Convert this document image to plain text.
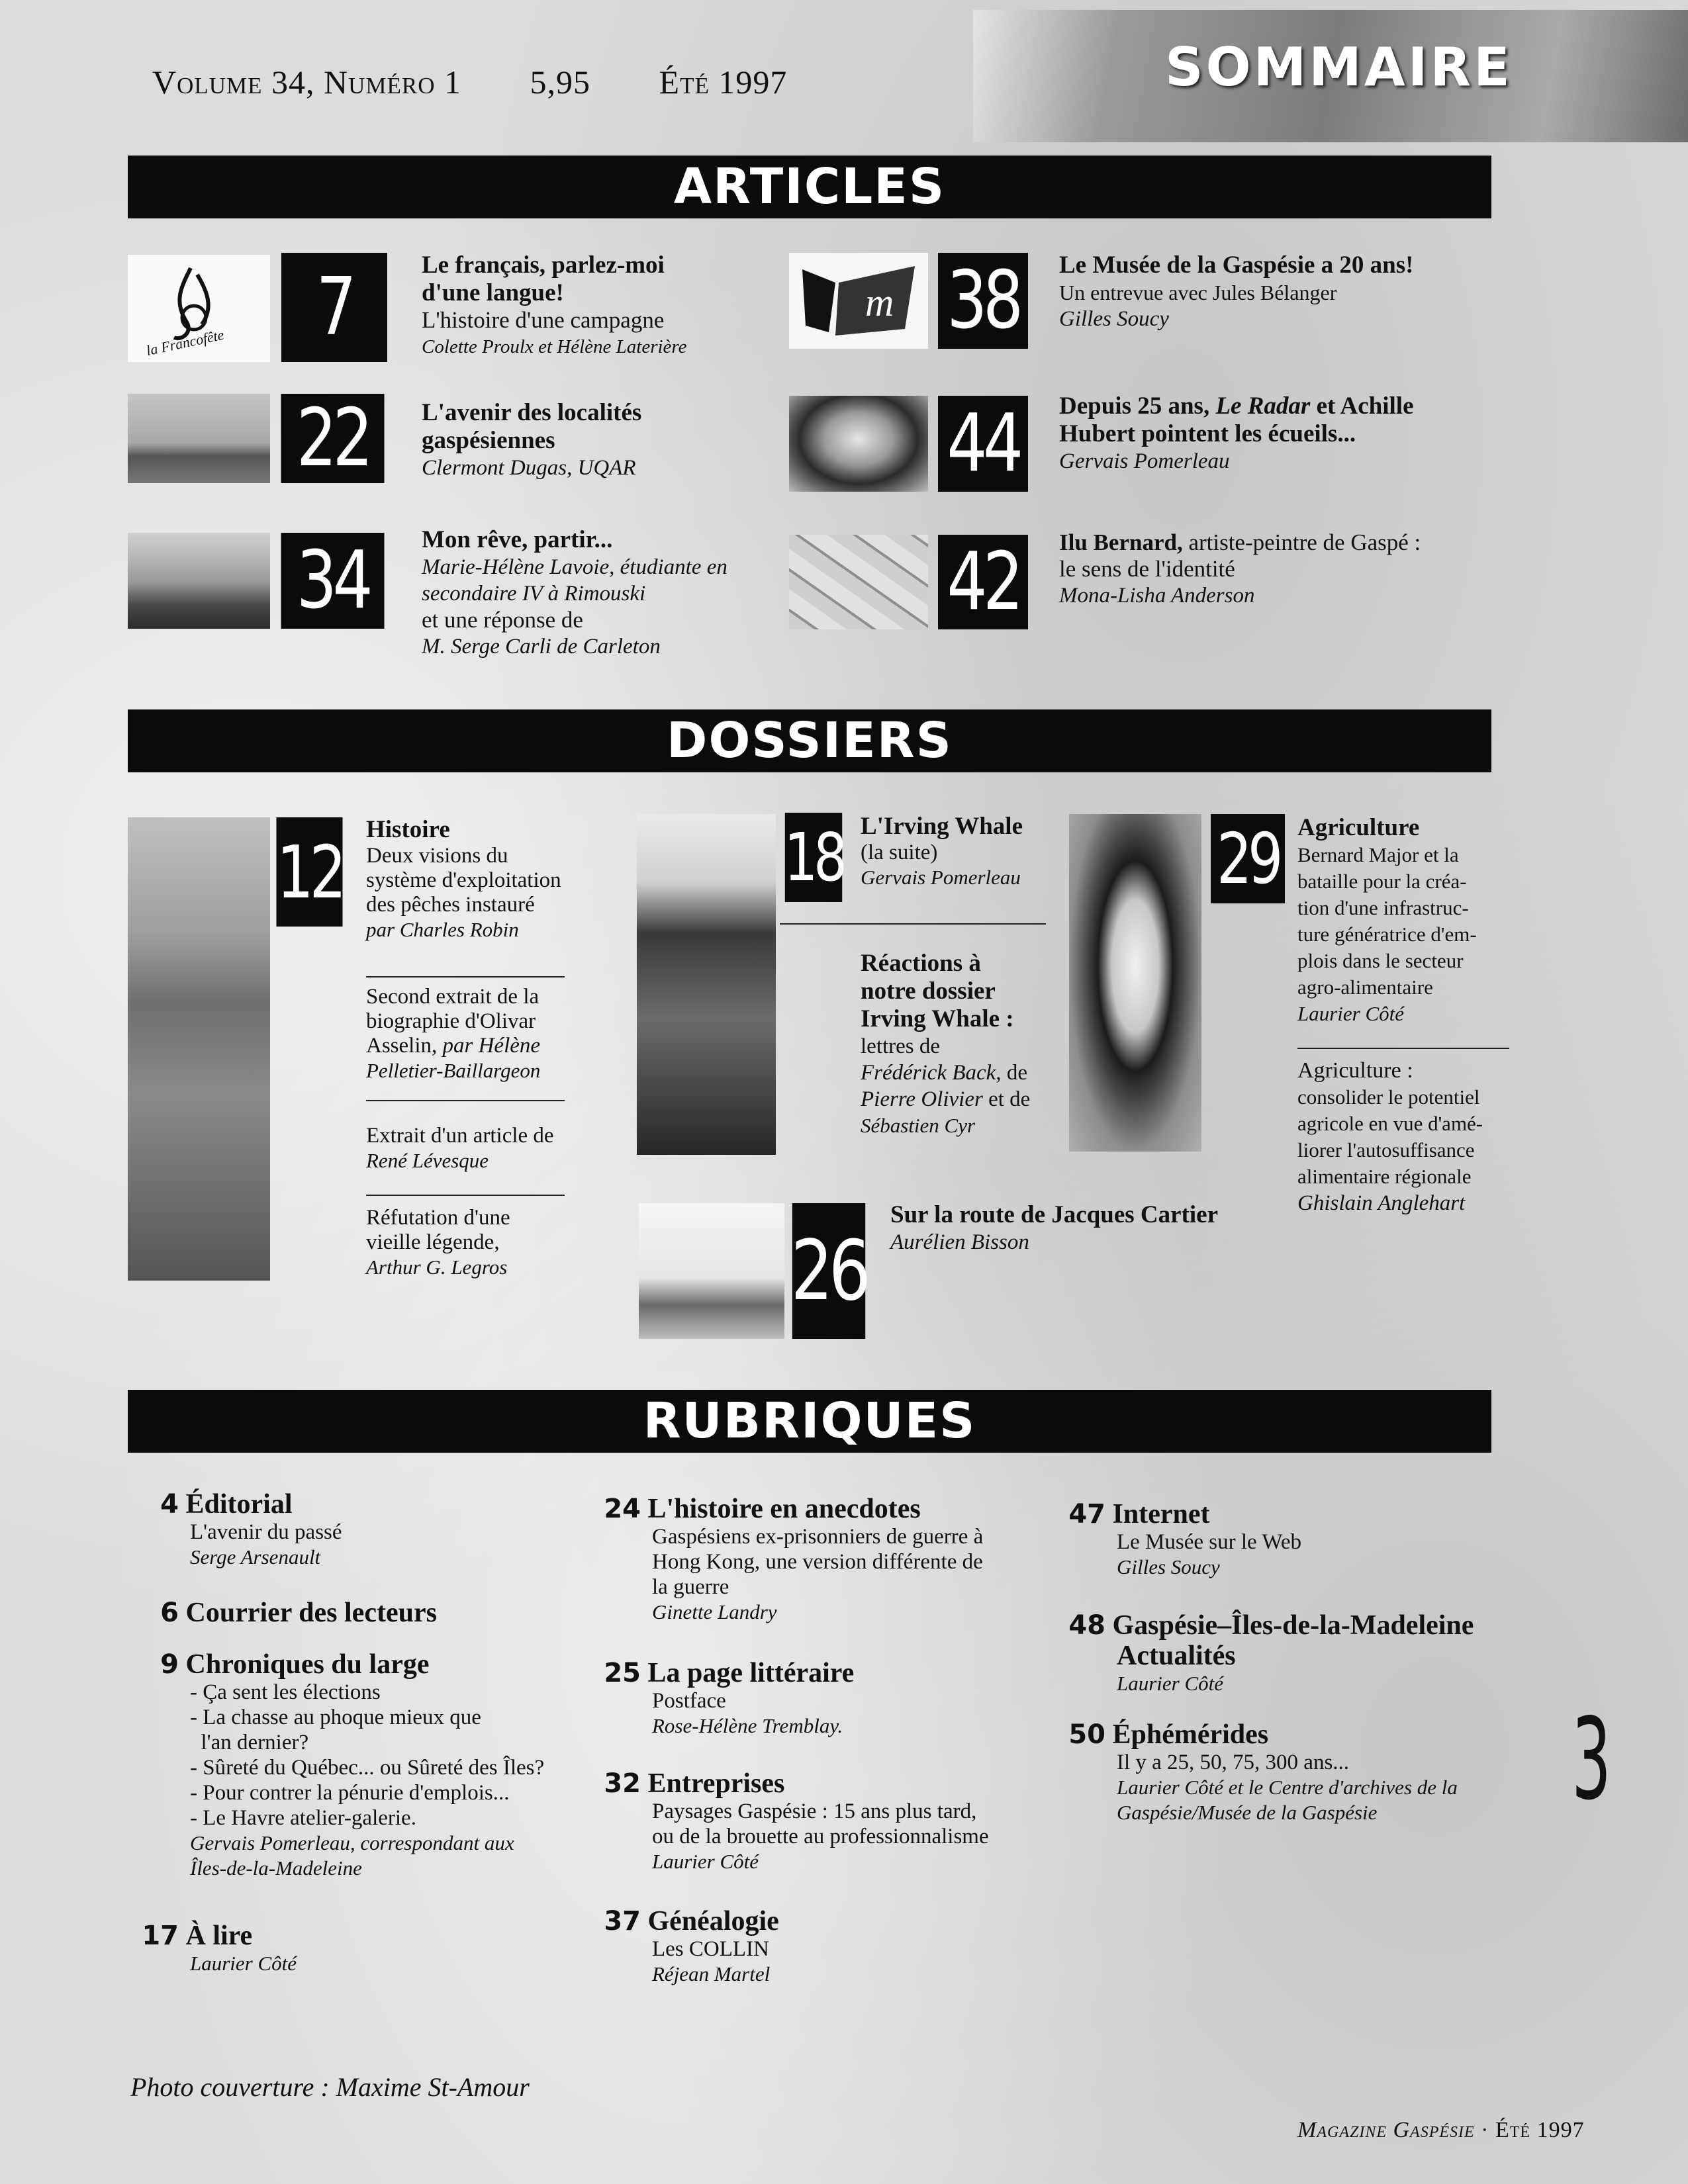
Volume 34, Numéro 1 5,95 Été 1997	SOMMAIRE
ARTICLES
la Francofête	7	Le français, parlez-moi
d'une langue!
L'histoire d'une campagne
Colette Proulx et Hélène Laterière
22	L'avenir des localités
gaspésiennes
Clermont Dugas, UQAR
34	Mon rêve, partir...
Marie-Hélène Lavoie, étudiante en
secondaire IV à Rimouski
et une réponse de
M. Serge Carli de Carleton
m 38	Le Musée de la Gaspésie a 20 ans!
Un entrevue avec Jules Bélanger
Gilles Soucy
44	Depuis 25 ans, Le Radar et Achille
Hubert pointent les écueils...
Gervais Pomerleau
42	Ilu Bernard, artiste-peintre de Gaspé :
le sens de l'identité
Mona-Lisha Anderson
DOSSIERS
12 Histoire
Deux visions du
système d'exploitation
des pêches instauré
par Charles Robin
Second extrait de la
biographie d'Olivar
Asselin, par Hélène
Pelletier-Baillargeon
Extrait d'un article de
René Lévesque
Réfutation d'une
vieille légende,
Arthur G. Legros
18 L'Irving Whale
(la suite)
Gervais Pomerleau
Réactions à
notre dossier
Irving Whale :
lettres de
Frédérick Back, de
Pierre Olivier et de
Sébastien Cyr
29 Agriculture
Bernard Major et la
bataille pour la créa-
tion d'une infrastruc-
ture génératrice d'em-
plois dans le secteur
agro-alimentaire
Laurier Côté
Agriculture :
consolider le potentiel
agricole en vue d'amé-
liorer l'autosuffisance
alimentaire régionale
Ghislain Anglehart
26
Sur la route de Jacques Cartier
Aurélien Bisson
RUBRIQUES
4 Éditorial
L'avenir du passé
Serge Arsenault
6 Courrier des lecteurs
9 Chroniques du large
- Ça sent les élections
- La chasse au phoque mieux que
l'an dernier?
- Sûreté du Québec... ou Sûreté des Îles?
- Pour contrer la pénurie d'emplois...
- Le Havre atelier-galerie.
Gervais Pomerleau, correspondant aux
Îles-de-la-Madeleine
17 À lire
Laurier Côté
24 L'histoire en anecdotes
Gaspésiens ex-prisonniers de guerre à
Hong Kong, une version différente de
la guerre
Ginette Landry
25 La page littéraire
Postface
Rose-Hélène Tremblay.
32 Entreprises
Paysages Gaspésie : 15 ans plus tard,
ou de la brouette au professionnalisme
Laurier Côté
37 Généalogie
Les COLLIN
Réjean Martel
47 Internet
Le Musée sur le Web
Gilles Soucy
48 Gaspésie–Îles-de-la-Madeleine
Actualités
Laurier Côté
50 Éphémérides
Il y a 25, 50, 75, 300 ans...
Laurier Côté et le Centre d'archives de la
Gaspésie/Musée de la Gaspésie	3
Photo couverture : Maxime St-Amour
Magazine Gaspésie · Été 1997
